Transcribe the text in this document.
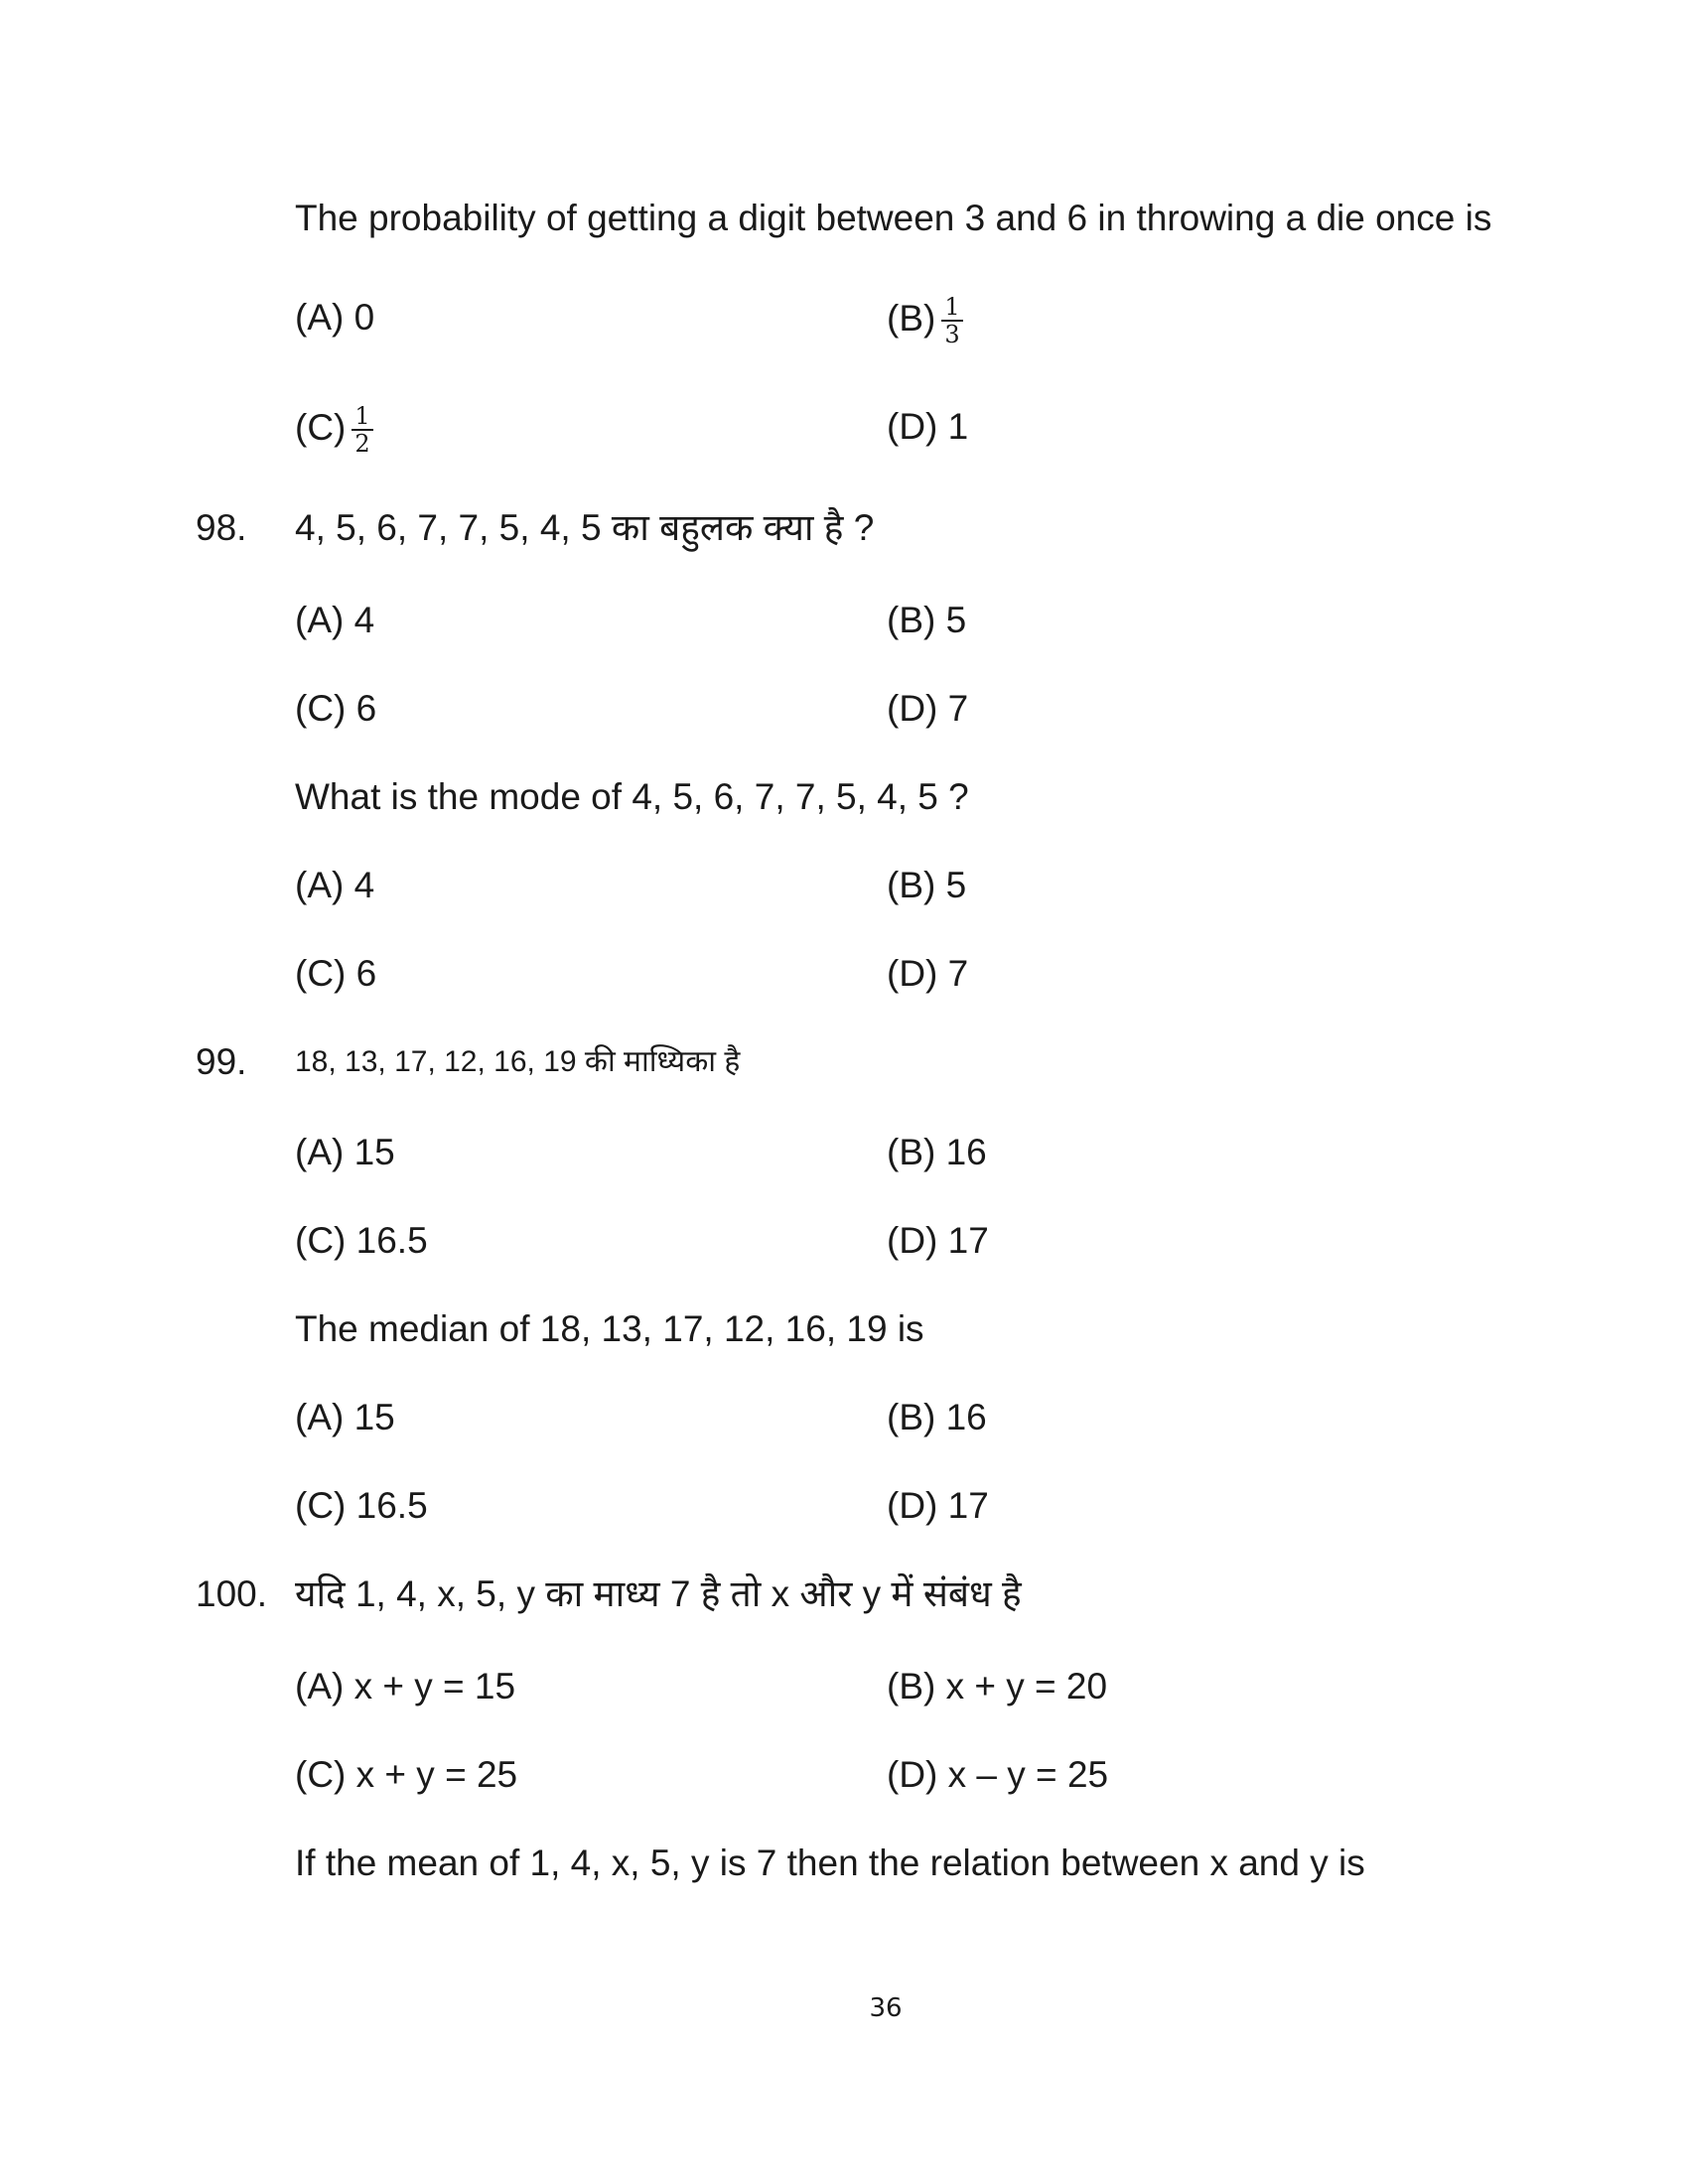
The probability of getting a digit between 3 and 6 in throwing a die once is
(A) 0	$(B) \frac{1}{3}$
$(C) \frac{1}{2}$	(D) 1
98. 4, 5, 6, 7, 7, 5, 4, 5 का बहुलक क्या है ?
(A) 4	(B) 5
(C) 6	(D) 7
What is the mode of 4, 5, 6, 7, 7, 5, 4, 5 ?
(A) 4	(B) 5
(C) 6	(D) 7
99. 18, 13, 17, 12, 16, 19 की माध्यिका है
(A) 15	(B) 16
(C) 16.5	(D) 17
The median of 18, 13, 17, 12, 16, 19 is
(A) 15	(B) 16
(C) 16.5	(D) 17
100. यदि 1, 4, x, 5, y का माध्य 7 है तो x और y में संबंध है
(A) x + y = 15	(B) x + y = 20
(C) x + y = 25	(D) x – y = 25
If the mean of 1, 4, x, 5, y is 7 then the relation between x and y is
36
